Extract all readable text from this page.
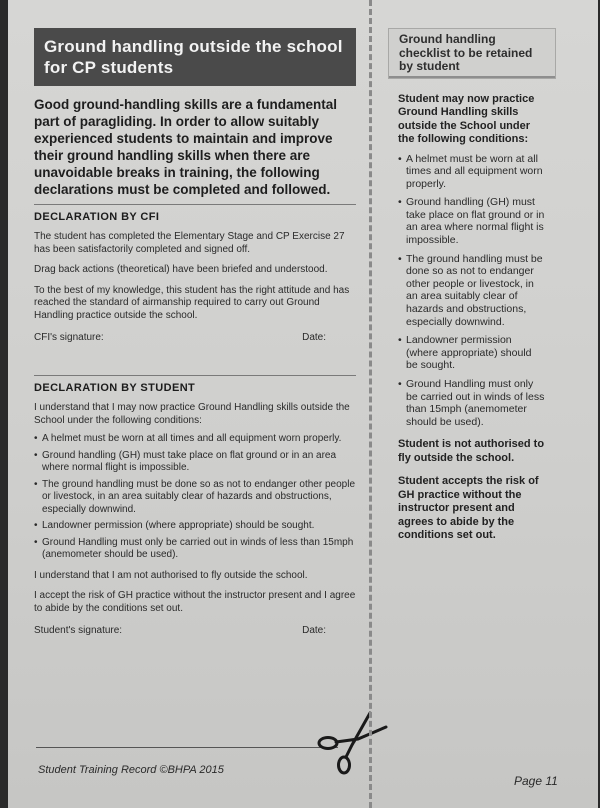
Ground handling outside the school for CP students

Good ground-handling skills are a fundamental part of paragliding. In order to allow suitably experienced students to maintain and improve their ground handling skills when there are unavoidable breaks in training, the following declarations must be completed and followed.

DECLARATION BY CFI

The student has completed the Elementary Stage and CP Exercise 27 has been satisfactorily completed and signed off.

Drag back actions (theoretical) have been briefed and understood.

To the best of my knowledge, this student has the right attitude and has reached the standard of airmanship required to carry out Ground Handling practice outside the school.

CFI's signature:	Date:
DECLARATION BY STUDENT

I understand that I may now practice Ground Handling skills outside the School under the following conditions:

• A helmet must be worn at all times and all equipment worn properly.
• Ground handling (GH) must take place on flat ground or in an area where normal flight is impossible.
• The ground handling must be done so as not to endanger other people or livestock, in an area suitably clear of hazards and obstructions, especially downwind.
• Landowner permission (where appropriate) should be sought.
• Ground Handling must only be carried out in winds of less than 15mph (anemometer should be used).

I understand that I am not authorised to fly outside the school.

I accept the risk of GH practice without the instructor present and I agree to abide by the conditions set out.

Student's signature:	Date:
Student Training Record ©BHPA 2015
Ground handling checklist to be retained by student

Student may now practice Ground Handling skills outside the School under the following conditions:

• A helmet must be worn at all times and all equipment worn properly.
• Ground handling (GH) must take place on flat ground or in an area where normal flight is impossible.
• The ground handling must be done so as not to endanger other people or livestock, in an area suitably clear of hazards and obstructions, especially downwind.
• Landowner permission (where appropriate) should be sought.
• Ground Handling must only be carried out in winds of less than 15mph (anemometer should be used).

Student is not authorised to fly outside the school.

Student accepts the risk of GH practice without the instructor present and agrees to abide by the conditions set out.

Page 11
